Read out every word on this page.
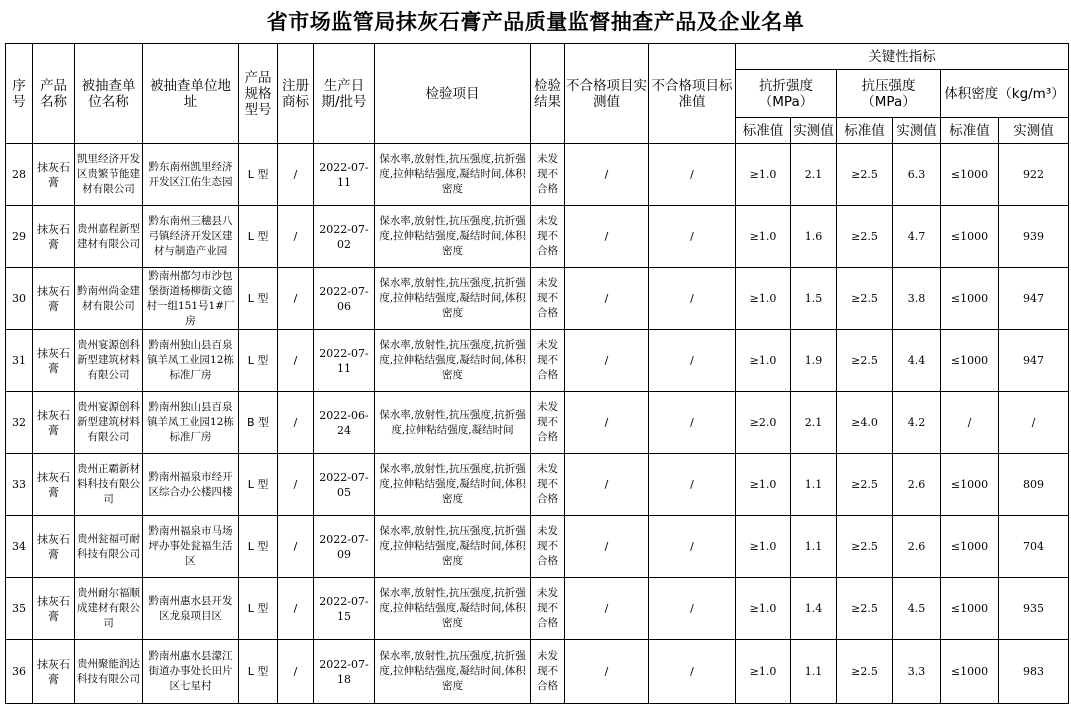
省市场监管局抹灰石膏产品质量监督抽查产品及企业名单
序号	产品名称	被抽查单位名称	被抽查单位地址	产品规格型号	注册商标	生产日期/批号	检验项目	检验结果	不合格项目实测值	不合格项目标准值	关键性指标					
											抗折强度（MPa）		抗压强度（MPa）		体积密度（kg/m³）	
											标准值	实测值	标准值	实测值	标准值	实测值
28	抹灰石膏	凯里经济开发区贵繁节能建材有限公司	黔东南州凯里经济开发区江佑生态园	L 型	/	2022-07-11	保水率,放射性,抗压强度,抗折强度,拉伸粘结强度,凝结时间,体积密度	未发现不合格	/	/	≥1.0	2.1	≥2.5	6.3	≤1000	922
29	抹灰石膏	贵州嘉程新型建材有限公司	黔东南州三穗县八弓镇经济开发区建材与制造产业园	L 型	/	2022-07-02	保水率,放射性,抗压强度,抗折强度,拉伸粘结强度,凝结时间,体积密度	未发现不合格	/	/	≥1.0	1.6	≥2.5	4.7	≤1000	939
30	抹灰石膏	黔南州尚金建材有限公司	黔南州都匀市沙包堡街道杨柳街文德村一组151号1#厂房	L 型	/	2022-07-06	保水率,放射性,抗压强度,抗折强度,拉伸粘结强度,凝结时间,体积密度	未发现不合格	/	/	≥1.0	1.5	≥2.5	3.8	≤1000	947
31	抹灰石膏	贵州宴源创科新型建筑材料有限公司	黔南州独山县百泉镇羊凤工业园12栋标准厂房	L 型	/	2022-07-11	保水率,放射性,抗压强度,抗折强度,拉伸粘结强度,凝结时间,体积密度	未发现不合格	/	/	≥1.0	1.9	≥2.5	4.4	≤1000	947
32	抹灰石膏	贵州宴源创科新型建筑材料有限公司	黔南州独山县百泉镇羊凤工业园12栋标准厂房	B 型	/	2022-06-24	保水率,放射性,抗压强度,抗折强度,拉伸粘结强度,凝结时间	未发现不合格	/	/	≥2.0	2.1	≥4.0	4.2	/	/
33	抹灰石膏	贵州正霸新材料科技有限公司	黔南州福泉市经开区综合办公楼四楼	L 型	/	2022-07-05	保水率,放射性,抗压强度,抗折强度,拉伸粘结强度,凝结时间,体积密度	未发现不合格	/	/	≥1.0	1.1	≥2.5	2.6	≤1000	809
34	抹灰石膏	贵州瓮福可耐科技有限公司	黔南州福泉市马场坪办事处瓮福生活区	L 型	/	2022-07-09	保水率,放射性,抗压强度,抗折强度,拉伸粘结强度,凝结时间,体积密度	未发现不合格	/	/	≥1.0	1.1	≥2.5	2.6	≤1000	704
35	抹灰石膏	贵州耐尔福顺成建材有限公司	黔南州惠水县开发区龙泉项目区	L 型	/	2022-07-15	保水率,放射性,抗压强度,抗折强度,拉伸粘结强度,凝结时间,体积密度	未发现不合格	/	/	≥1.0	1.4	≥2.5	4.5	≤1000	935
36	抹灰石膏	贵州聚能润达科技有限公司	黔南州惠水县濛江街道办事处长田片区七星村	L 型	/	2022-07-18	保水率,放射性,抗压强度,抗折强度,拉伸粘结强度,凝结时间,体积密度	未发现不合格	/	/	≥1.0	1.1	≥2.5	3.3	≤1000	983
